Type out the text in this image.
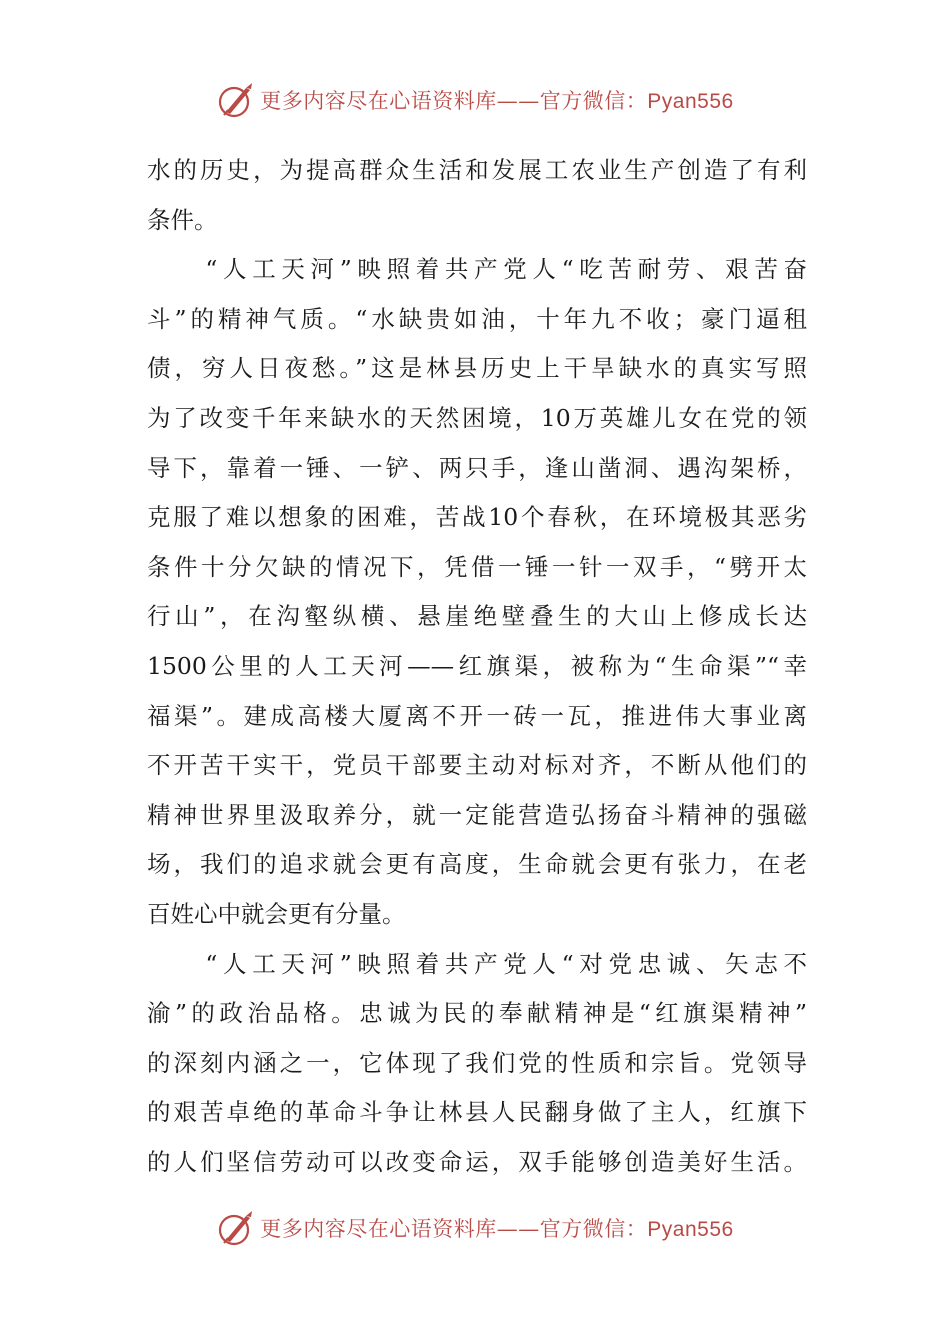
更多内容尽在心语资料库——官方微信：Pyan556
水的历史，为提高群众生活和发展工农业生产创造了有利
条件。
　　“人工天河”映照着共产党人“吃苦耐劳、艰苦奋
斗”的精神气质。“水缺贵如油，十年九不收；豪门逼租
债，穷人日夜愁。”这是林县历史上干旱缺水的真实写照
为了改变千年来缺水的天然困境，10万英雄儿女在党的领
导下，靠着一锤、一铲、两只手，逢山凿洞、遇沟架桥，
克服了难以想象的困难，苦战10个春秋，在环境极其恶劣
条件十分欠缺的情况下，凭借一锤一针一双手，“劈开太
行山”，在沟壑纵横、悬崖绝壁叠生的大山上修成长达
1500公里的人工天河——红旗渠，被称为“生命渠”“幸
福渠”。建成高楼大厦离不开一砖一瓦，推进伟大事业离
不开苦干实干，党员干部要主动对标对齐，不断从他们的
精神世界里汲取养分，就一定能营造弘扬奋斗精神的强磁
场，我们的追求就会更有高度，生命就会更有张力，在老
百姓心中就会更有分量。
　　“人工天河”映照着共产党人“对党忠诚、矢志不
渝”的政治品格。忠诚为民的奉献精神是“红旗渠精神”
的深刻内涵之一，它体现了我们党的性质和宗旨。党领导
的艰苦卓绝的革命斗争让林县人民翻身做了主人，红旗下
的人们坚信劳动可以改变命运，双手能够创造美好生活。
更多内容尽在心语资料库——官方微信：Pyan556
